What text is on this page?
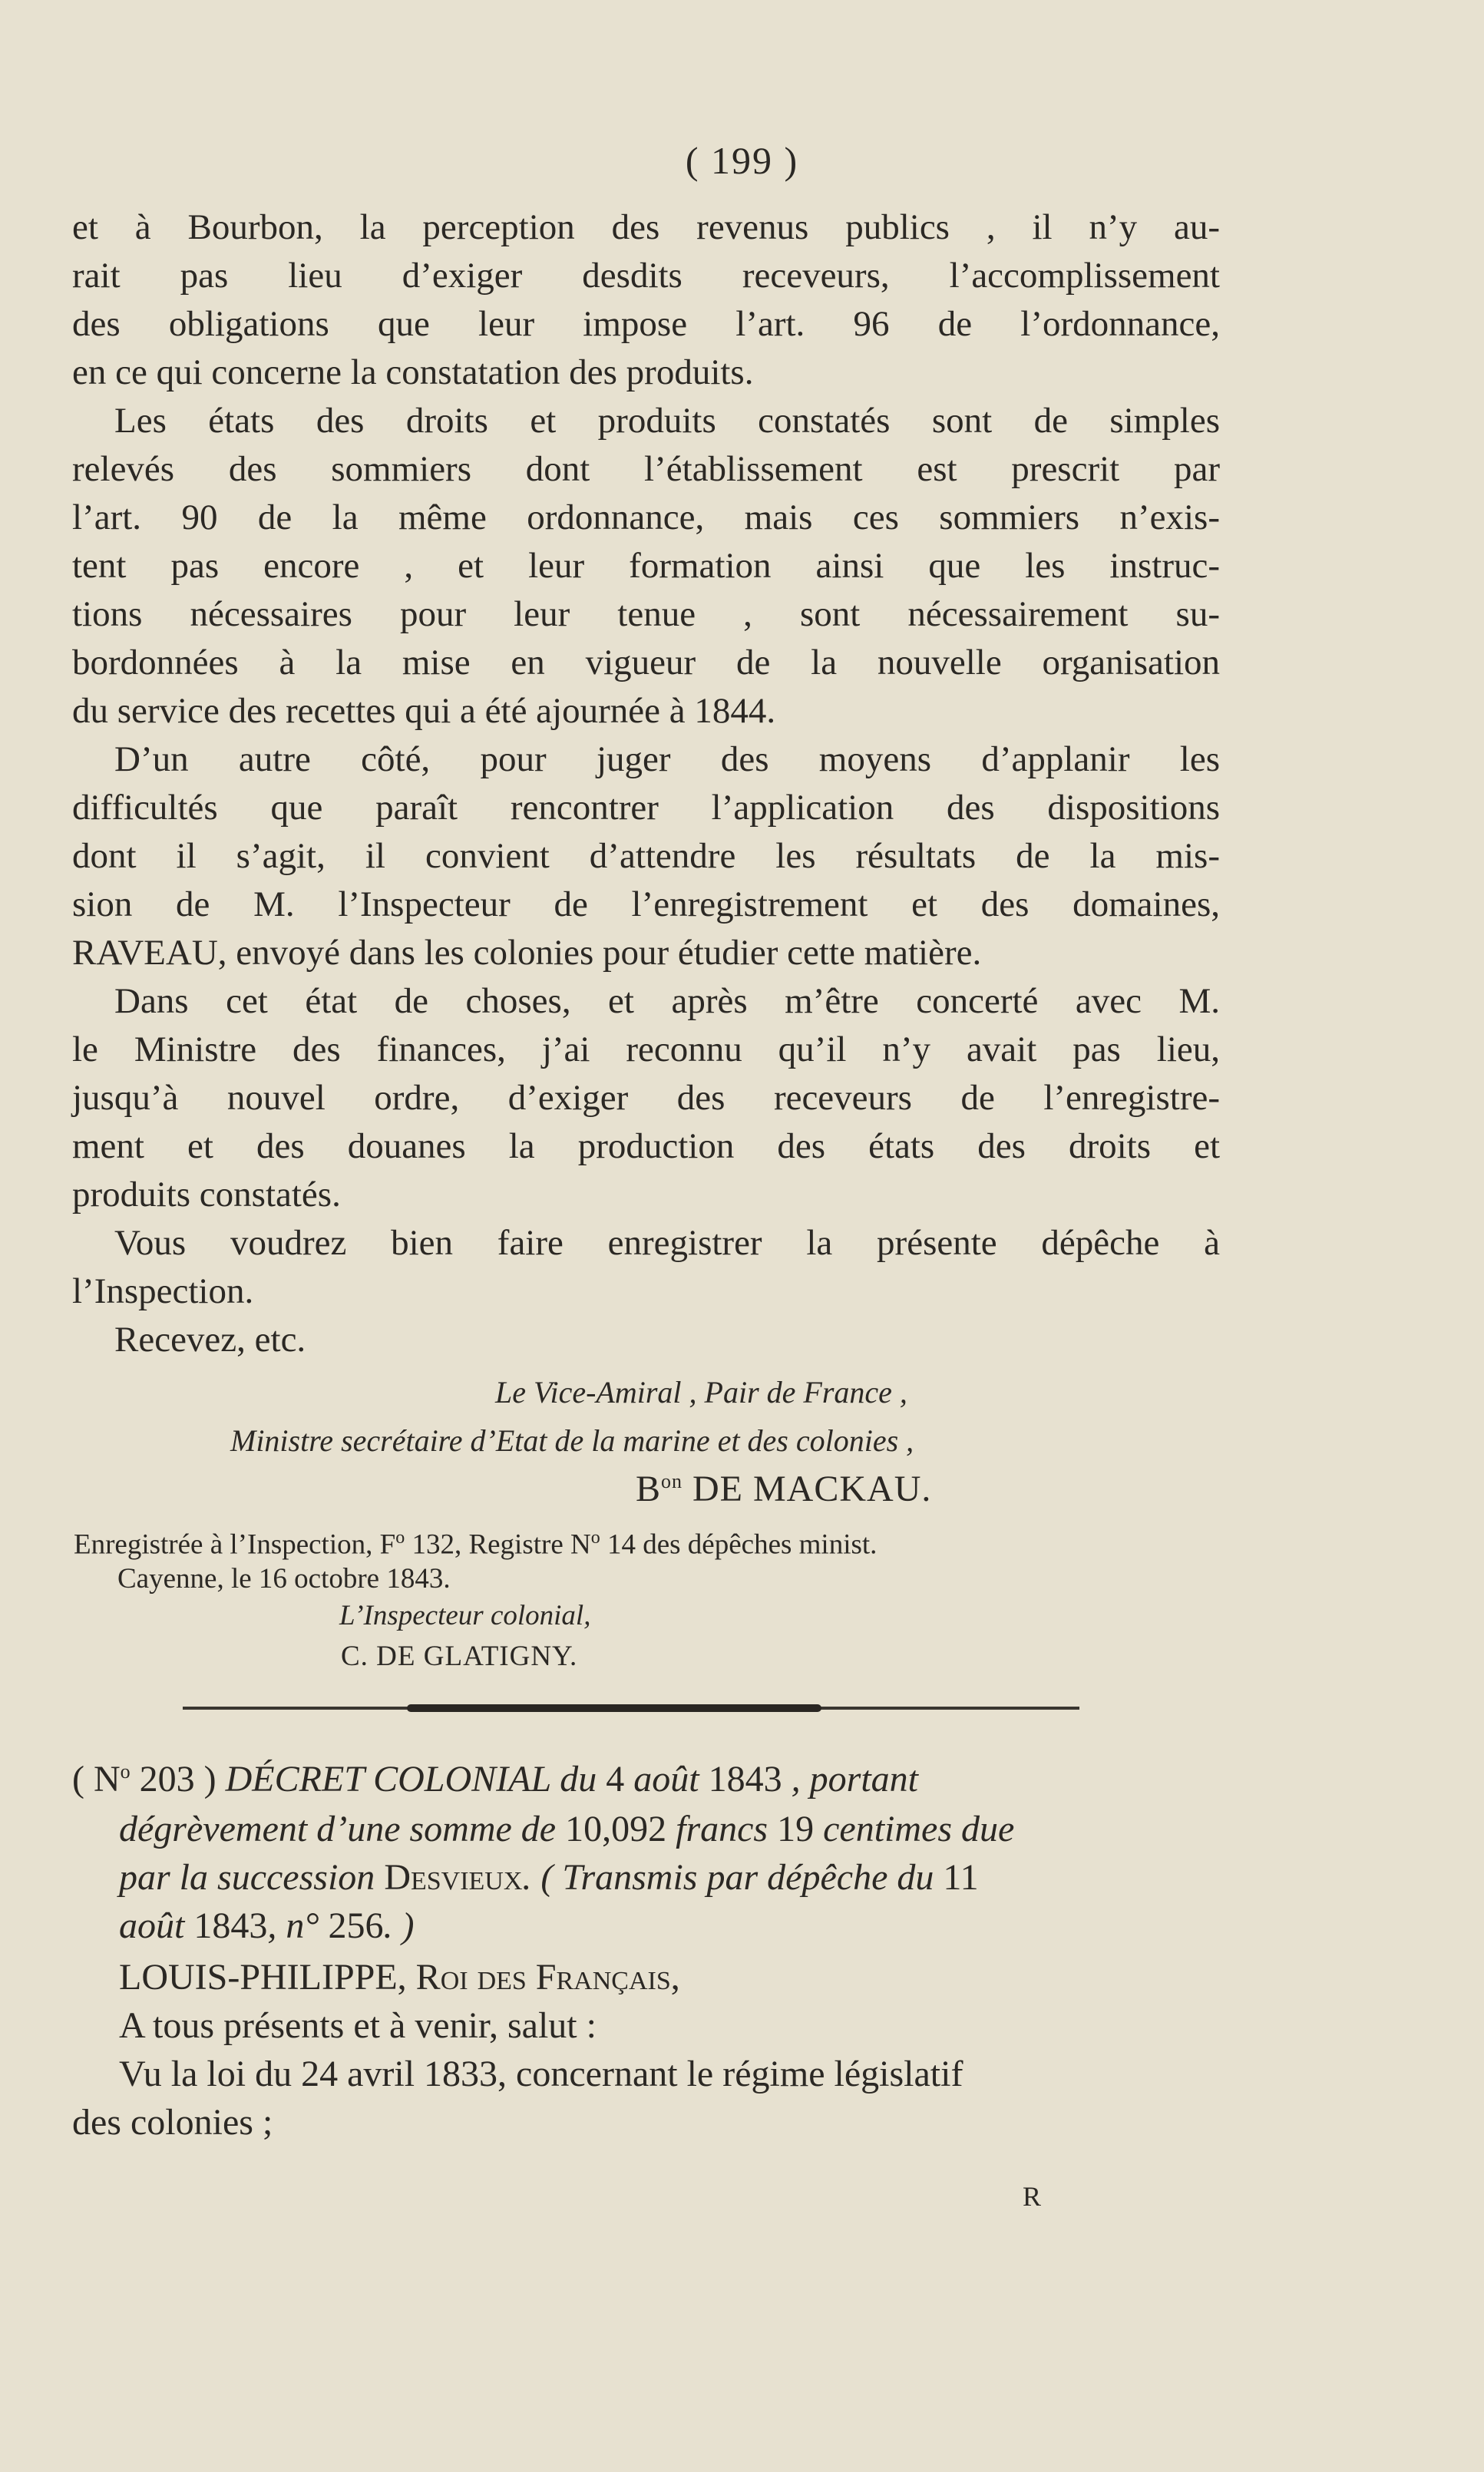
( 199 )
et à Bourbon, la perception des revenus publics , il n’y au-
rait pas lieu d’exiger desdits receveurs, l’accomplissement
des obligations que leur impose l’art. 96 de l’ordonnance,
en ce qui concerne la constatation des produits.
Les états des droits et produits constatés sont de simples
relevés des sommiers dont l’établissement est prescrit par
l’art. 90 de la même ordonnance, mais ces sommiers n’exis-
tent pas encore , et leur formation ainsi que les instruc-
tions nécessaires pour leur tenue , sont nécessairement su-
bordonnées à la mise en vigueur de la nouvelle organisation
du service des recettes qui a été ajournée à 1844.
D’un autre côté, pour juger des moyens d’applanir les
difficultés que paraît rencontrer l’application des dispositions
dont il s’agit, il convient d’attendre les résultats de la mis-
sion de M. l’Inspecteur de l’enregistrement et des domaines,
RAVEAU, envoyé dans les colonies pour étudier cette matière.
Dans cet état de choses, et après m’être concerté avec M.
le Ministre des finances, j’ai reconnu qu’il n’y avait pas lieu,
jusqu’à nouvel ordre, d’exiger des receveurs de l’enregistre-
ment et des douanes la production des états des droits et
produits constatés.
Vous voudrez bien faire enregistrer la présente dépêche à
l’Inspection.
Recevez, etc.
Le Vice-Amiral , Pair de France ,
Ministre secrétaire d’Etat de la marine et des colonies ,
$B^{on}$ DE MACKAU.
Enregistrée à l’Inspection, $F^o$ 132, Registre $N^o$ 14 des dépêches minist.
Cayenne, le 16 octobre 1843.
L’Inspecteur colonial,
C. DE GLATIGNY.
( $N^o$ 203 ) DÉCRET COLONIAL du 4 août 1843 , portant
dégrèvement d’une somme de 10,092 francs 19 centimes due
par la succession Desvieux. ( Transmis par dépêche du 11
août 1843, n° 256. )
LOUIS-PHILIPPE, Roi des Français,
A tous présents et à venir, salut :
Vu la loi du 24 avril 1833, concernant le régime législatif
des colonies ;
R
